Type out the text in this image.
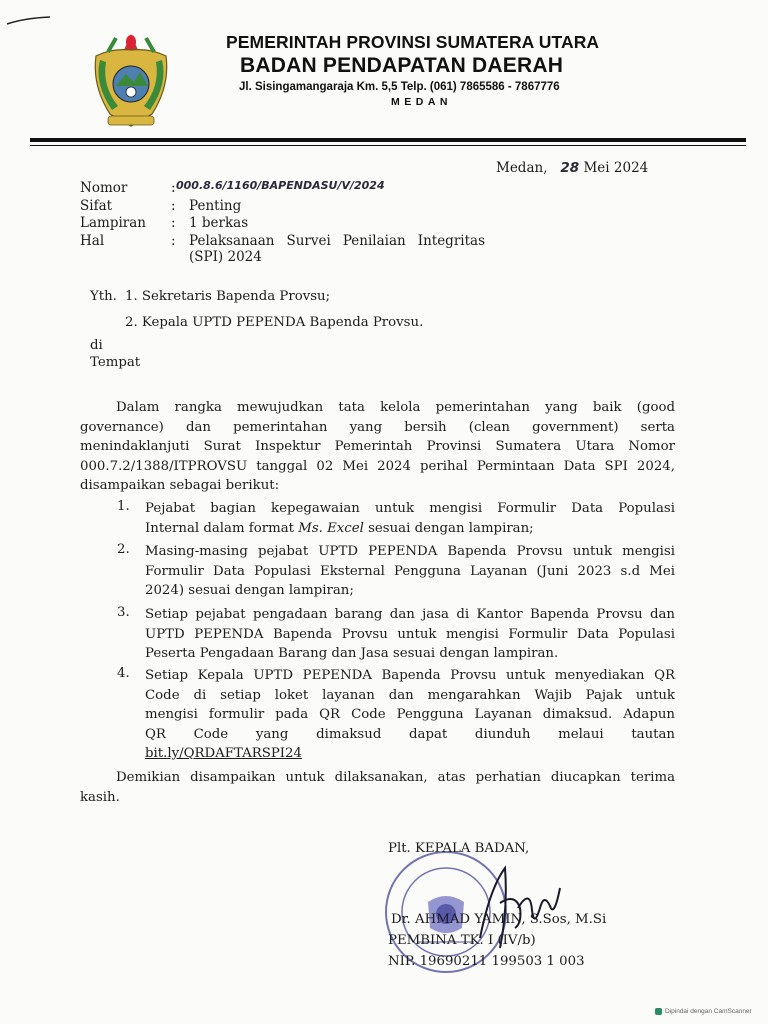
PEMERINTAH PROVINSI SUMATERA UTARA
BADAN PENDAPATAN DAERAH
Jl. Sisingamangaraja Km. 5,5 Telp. (061) 7865586 - 7867776
MEDAN
Medan, 28 Mei 2024
Nomor	: 000.8.6/1160/BAPENDASU/V/2024
Sifat	: Penting
Lampiran : 1 berkas
Hal	: Pelaksanaan Survei Penilaian Integritas
(SPI) 2024
Yth. 1. Sekretaris Bapenda Provsu;
2. Kepala UPTD PEPENDA Bapenda Provsu.
di
Tempat
Dalam rangka mewujudkan tata kelola pemerintahan yang baik (good
governance) dan pemerintahan yang bersih (clean government) serta
menindaklanjuti Surat Inspektur Pemerintah Provinsi Sumatera Utara Nomor
000.7.2/1388/ITPROVSU tanggal 02 Mei 2024 perihal Permintaan Data SPI 2024,
disampaikan sebagai berikut:
1. Pejabat bagian kepegawaian untuk mengisi Formulir Data Populasi
Internal dalam format Ms. Excel sesuai dengan lampiran;
2. Masing-masing pejabat UPTD PEPENDA Bapenda Provsu untuk mengisi
Formulir Data Populasi Eksternal Pengguna Layanan (Juni 2023 s.d Mei
2024) sesuai dengan lampiran;
3. Setiap pejabat pengadaan barang dan jasa di Kantor Bapenda Provsu dan
UPTD PEPENDA Bapenda Provsu untuk mengisi Formulir Data Populasi
Peserta Pengadaan Barang dan Jasa sesuai dengan lampiran.
4. Setiap Kepala UPTD PEPENDA Bapenda Provsu untuk menyediakan QR
Code di setiap loket layanan dan mengarahkan Wajib Pajak untuk
mengisi formulir pada QR Code Pengguna Layanan dimaksud. Adapun
QR Code yang dimaksud dapat diunduh melaui tautan
bit.ly/QRDAFTARSPI24
Demikian disampaikan untuk dilaksanakan, atas perhatian diucapkan terima
kasih.
Plt. KEPALA BADAN,
Dr. AHMAD YAMIN, S.Sos, M.Si
PEMBINA TK. I (IV/b)
NIP. 19690211 199503 1 003
Dipindai dengan CamScanner
